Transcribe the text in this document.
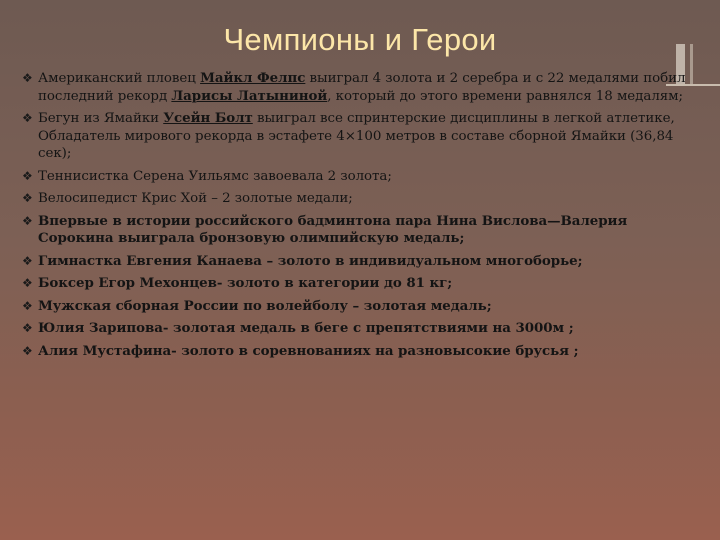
Чемпионы и Герои
❖ Американский пловец Майкл Фелпс выиграл 4 золота и 2 серебра и с 22 медалями побил последний рекорд Ларисы Латыниной, который до этого времени равнялся 18 медалям;
❖ Бегун из Ямайки Усейн Болт выиграл все спринтерские дисциплины в легкой атлетике, Обладатель мирового рекорда в эстафете 4×100 метров в составе сборной Ямайки (36,84 сек);
❖ Теннисистка Серена Уильямс завоевала 2 золота;
❖ Велосипедист Крис Хой – 2 золотые медали;
❖ Впервые в истории российского бадминтона пара Нина Вислова—Валерия Сорокина выиграла бронзовую олимпийскую медаль;
❖ Гимнастка Евгения Канаева – золото в индивидуальном многоборье;
❖ Боксер Егор Мехонцев- золото в категории до 81 кг;
❖ Мужская сборная России по волейболу – золотая медаль;
❖ Юлия Зарипова- золотая медаль в беге с препятствиями на 3000м ;
❖ Алия Мустафина- золото в соревнованиях на разновысокие брусья ;
